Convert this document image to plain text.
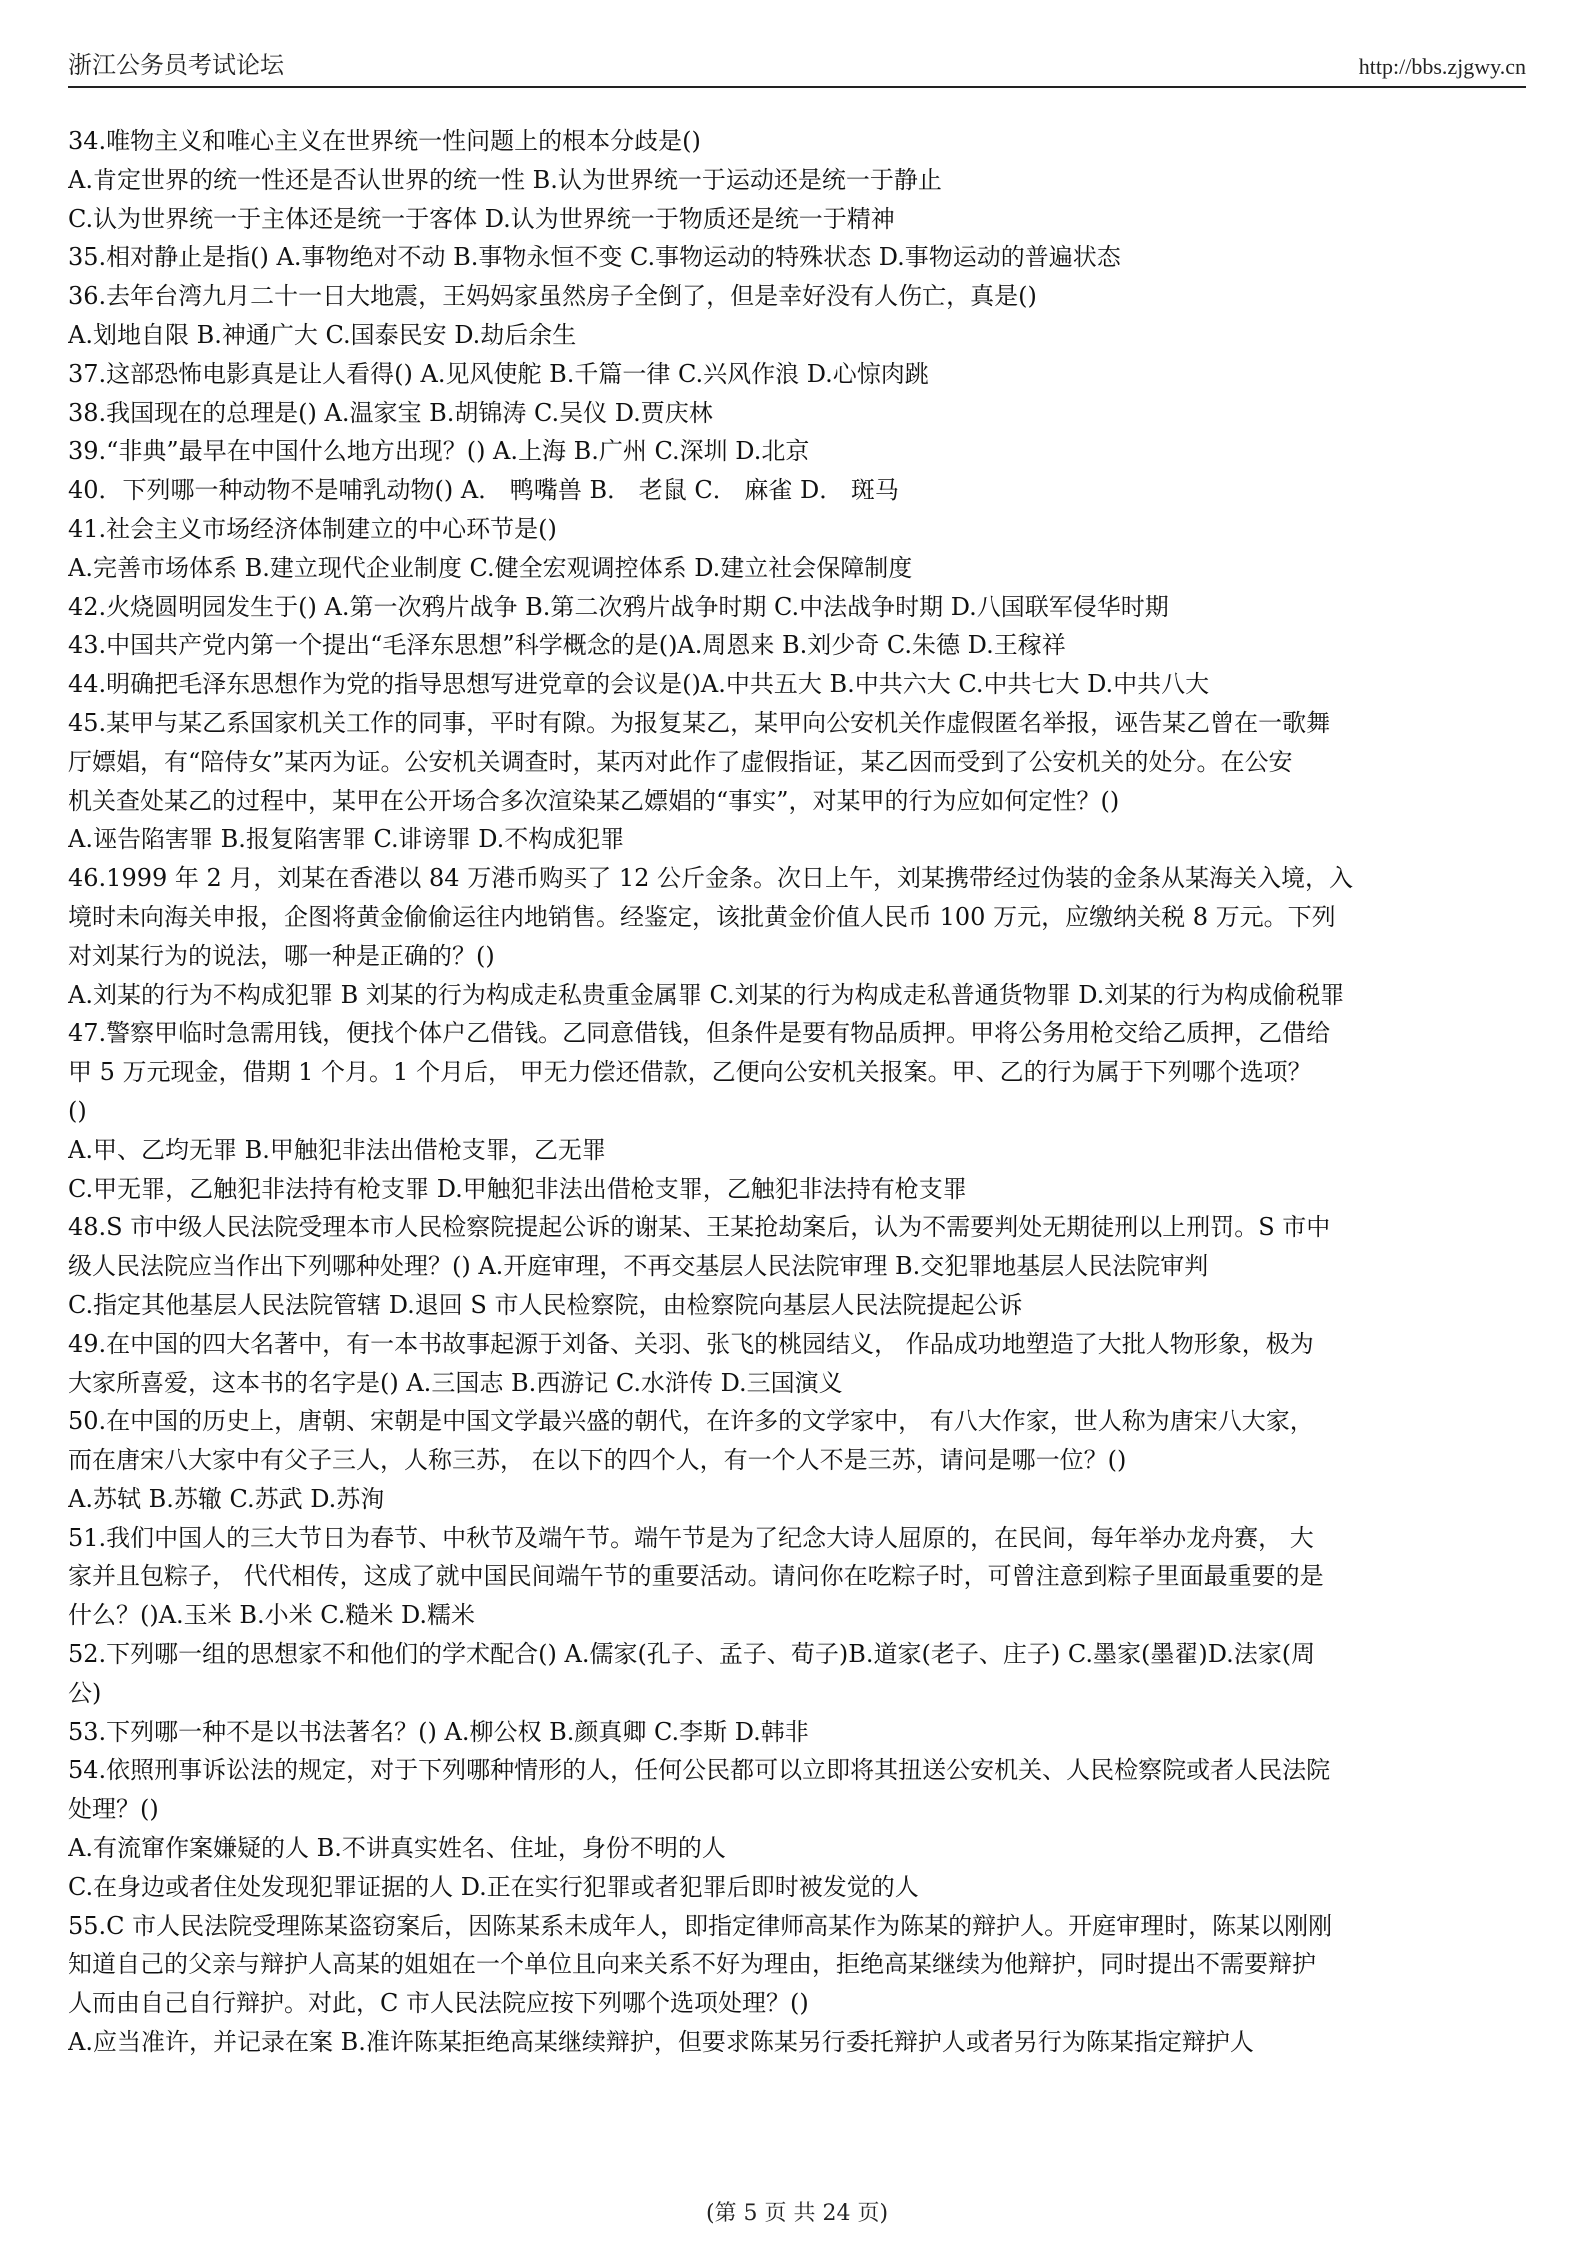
浙江公务员考试论坛	http://bbs.zjgwy.cn
34.唯物主义和唯心主义在世界统一性问题上的根本分歧是()
A.肯定世界的统一性还是否认世界的统一性 B.认为世界统一于运动还是统一于静止
C.认为世界统一于主体还是统一于客体 D.认为世界统一于物质还是统一于精神
35.相对静止是指() A.事物绝对不动 B.事物永恒不变 C.事物运动的特殊状态 D.事物运动的普遍状态
36.去年台湾九月二十一日大地震，王妈妈家虽然房子全倒了，但是幸好没有人伤亡，真是()
A.划地自限 B.神通广大 C.国泰民安 D.劫后余生
37.这部恐怖电影真是让人看得() A.见风使舵 B.千篇一律 C.兴风作浪 D.心惊肉跳
38.我国现在的总理是() A.温家宝 B.胡锦涛 C.吴仪 D.贾庆林
39.“非典”最早在中国什么地方出现？() A.上海 B.广州 C.深圳 D.北京
40．下列哪一种动物不是哺乳动物() A． 鸭嘴兽 B． 老鼠 C． 麻雀 D． 斑马
41.社会主义市场经济体制建立的中心环节是()
A.完善市场体系 B.建立现代企业制度 C.健全宏观调控体系 D.建立社会保障制度
42.火烧圆明园发生于() A.第一次鸦片战争 B.第二次鸦片战争时期 C.中法战争时期 D.八国联军侵华时期
43.中国共产党内第一个提出“毛泽东思想”科学概念的是()A.周恩来 B.刘少奇 C.朱德 D.王稼祥
44.明确把毛泽东思想作为党的指导思想写进党章的会议是()A.中共五大 B.中共六大 C.中共七大 D.中共八大
45.某甲与某乙系国家机关工作的同事，平时有隙。为报复某乙，某甲向公安机关作虚假匿名举报，诬告某乙曾在一歌舞
厅嫖娼，有“陪侍女”某丙为证。公安机关调查时，某丙对此作了虚假指证，某乙因而受到了公安机关的处分。在公安
机关查处某乙的过程中，某甲在公开场合多次渲染某乙嫖娼的“事实”，对某甲的行为应如何定性？()
A.诬告陷害罪 B.报复陷害罪 C.诽谤罪 D.不构成犯罪
46.1999 年 2 月，刘某在香港以 84 万港币购买了 12 公斤金条。次日上午，刘某携带经过伪装的金条从某海关入境，入
境时未向海关申报，企图将黄金偷偷运往内地销售。经鉴定，该批黄金价值人民币 100 万元，应缴纳关税 8 万元。下列
对刘某行为的说法，哪一种是正确的？()
A.刘某的行为不构成犯罪 B 刘某的行为构成走私贵重金属罪 C.刘某的行为构成走私普通货物罪 D.刘某的行为构成偷税罪
47.警察甲临时急需用钱，便找个体户乙借钱。乙同意借钱，但条件是要有物品质押。甲将公务用枪交给乙质押，乙借给
甲 5 万元现金，借期 1 个月。1 个月后， 甲无力偿还借款，乙便向公安机关报案。甲、乙的行为属于下列哪个选项？
()
A.甲、乙均无罪 B.甲触犯非法出借枪支罪，乙无罪
C.甲无罪，乙触犯非法持有枪支罪 D.甲触犯非法出借枪支罪，乙触犯非法持有枪支罪
48.S 市中级人民法院受理本市人民检察院提起公诉的谢某、王某抢劫案后，认为不需要判处无期徒刑以上刑罚。S 市中
级人民法院应当作出下列哪种处理？() A.开庭审理，不再交基层人民法院审理 B.交犯罪地基层人民法院审判
C.指定其他基层人民法院管辖 D.退回 S 市人民检察院，由检察院向基层人民法院提起公诉
49.在中国的四大名著中，有一本书故事起源于刘备、关羽、张飞的桃园结义， 作品成功地塑造了大批人物形象，极为
大家所喜爱，这本书的名字是() A.三国志 B.西游记 C.水浒传 D.三国演义
50.在中国的历史上，唐朝、宋朝是中国文学最兴盛的朝代，在许多的文学家中， 有八大作家，世人称为唐宋八大家，
而在唐宋八大家中有父子三人，人称三苏， 在以下的四个人，有一个人不是三苏，请问是哪一位？()
A.苏轼 B.苏辙 C.苏武 D.苏洵
51.我们中国人的三大节日为春节、中秋节及端午节。端午节是为了纪念大诗人屈原的，在民间，每年举办龙舟赛， 大
家并且包粽子， 代代相传，这成了就中国民间端午节的重要活动。请问你在吃粽子时，可曾注意到粽子里面最重要的是
什么？()A.玉米 B.小米 C.糙米 D.糯米
52.下列哪一组的思想家不和他们的学术配合() A.儒家(孔子、孟子、荀子)B.道家(老子、庄子) C.墨家(墨翟)D.法家(周
公)
53.下列哪一种不是以书法著名？() A.柳公权 B.颜真卿 C.李斯 D.韩非
54.依照刑事诉讼法的规定，对于下列哪种情形的人，任何公民都可以立即将其扭送公安机关、人民检察院或者人民法院
处理？()
A.有流窜作案嫌疑的人 B.不讲真实姓名、住址，身份不明的人
C.在身边或者住处发现犯罪证据的人 D.正在实行犯罪或者犯罪后即时被发觉的人
55.C 市人民法院受理陈某盗窃案后，因陈某系未成年人，即指定律师高某作为陈某的辩护人。开庭审理时，陈某以刚刚
知道自己的父亲与辩护人高某的姐姐在一个单位且向来关系不好为理由，拒绝高某继续为他辩护，同时提出不需要辩护
人而由自己自行辩护。对此，C 市人民法院应按下列哪个选项处理？()
A.应当准许，并记录在案 B.准许陈某拒绝高某继续辩护，但要求陈某另行委托辩护人或者另行为陈某指定辩护人
(第 5 页 共 24 页)
